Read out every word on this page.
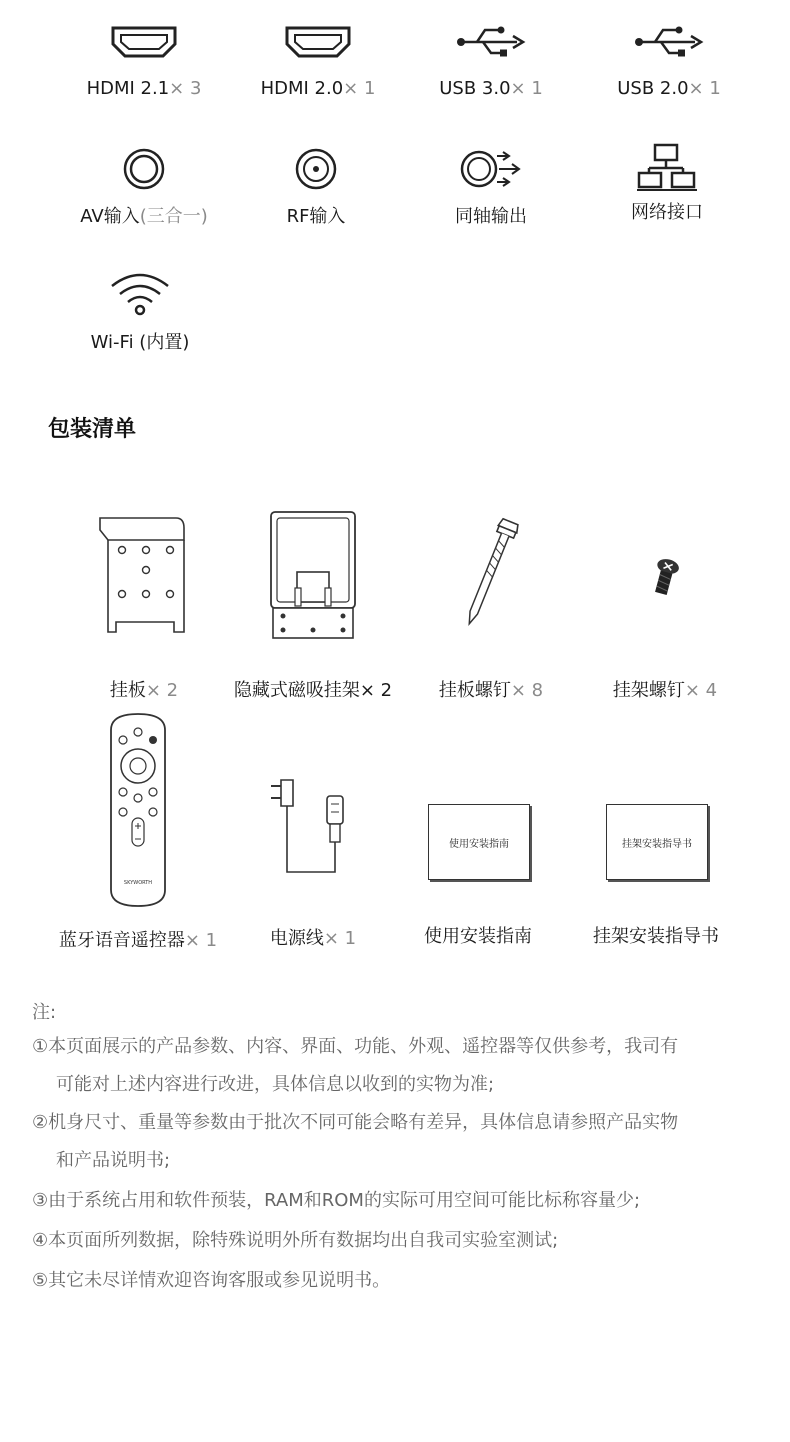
HDMI 2.1× 3	HDMI 2.0× 1	USB 3.0× 1	USB 2.0× 1
AV输入(三合一)	RF输入	同轴输出	网络接口
Wi-Fi (内置)
包装清单
挂板× 2	隐藏式磁吸挂架× 2	挂板螺钉× 8	挂架螺钉× 4
SKYWORTH
蓝牙语音遥控器× 1	电源线× 1
使用安装指南
使用安装指南
挂架安装指导书
挂架安装指导书
注:
①本页面展示的产品参数、内容、界面、功能、外观、遥控器等仅供参考，我司有
可能对上述内容进行改进，具体信息以收到的实物为准;
②机身尺寸、重量等参数由于批次不同可能会略有差异，具体信息请参照产品实物
和产品说明书;
③由于系统占用和软件预装，RAM和ROM的实际可用空间可能比标称容量少;
④本页面所列数据，除特殊说明外所有数据均出自我司实验室测试;
⑤其它未尽详情欢迎咨询客服或参见说明书。
